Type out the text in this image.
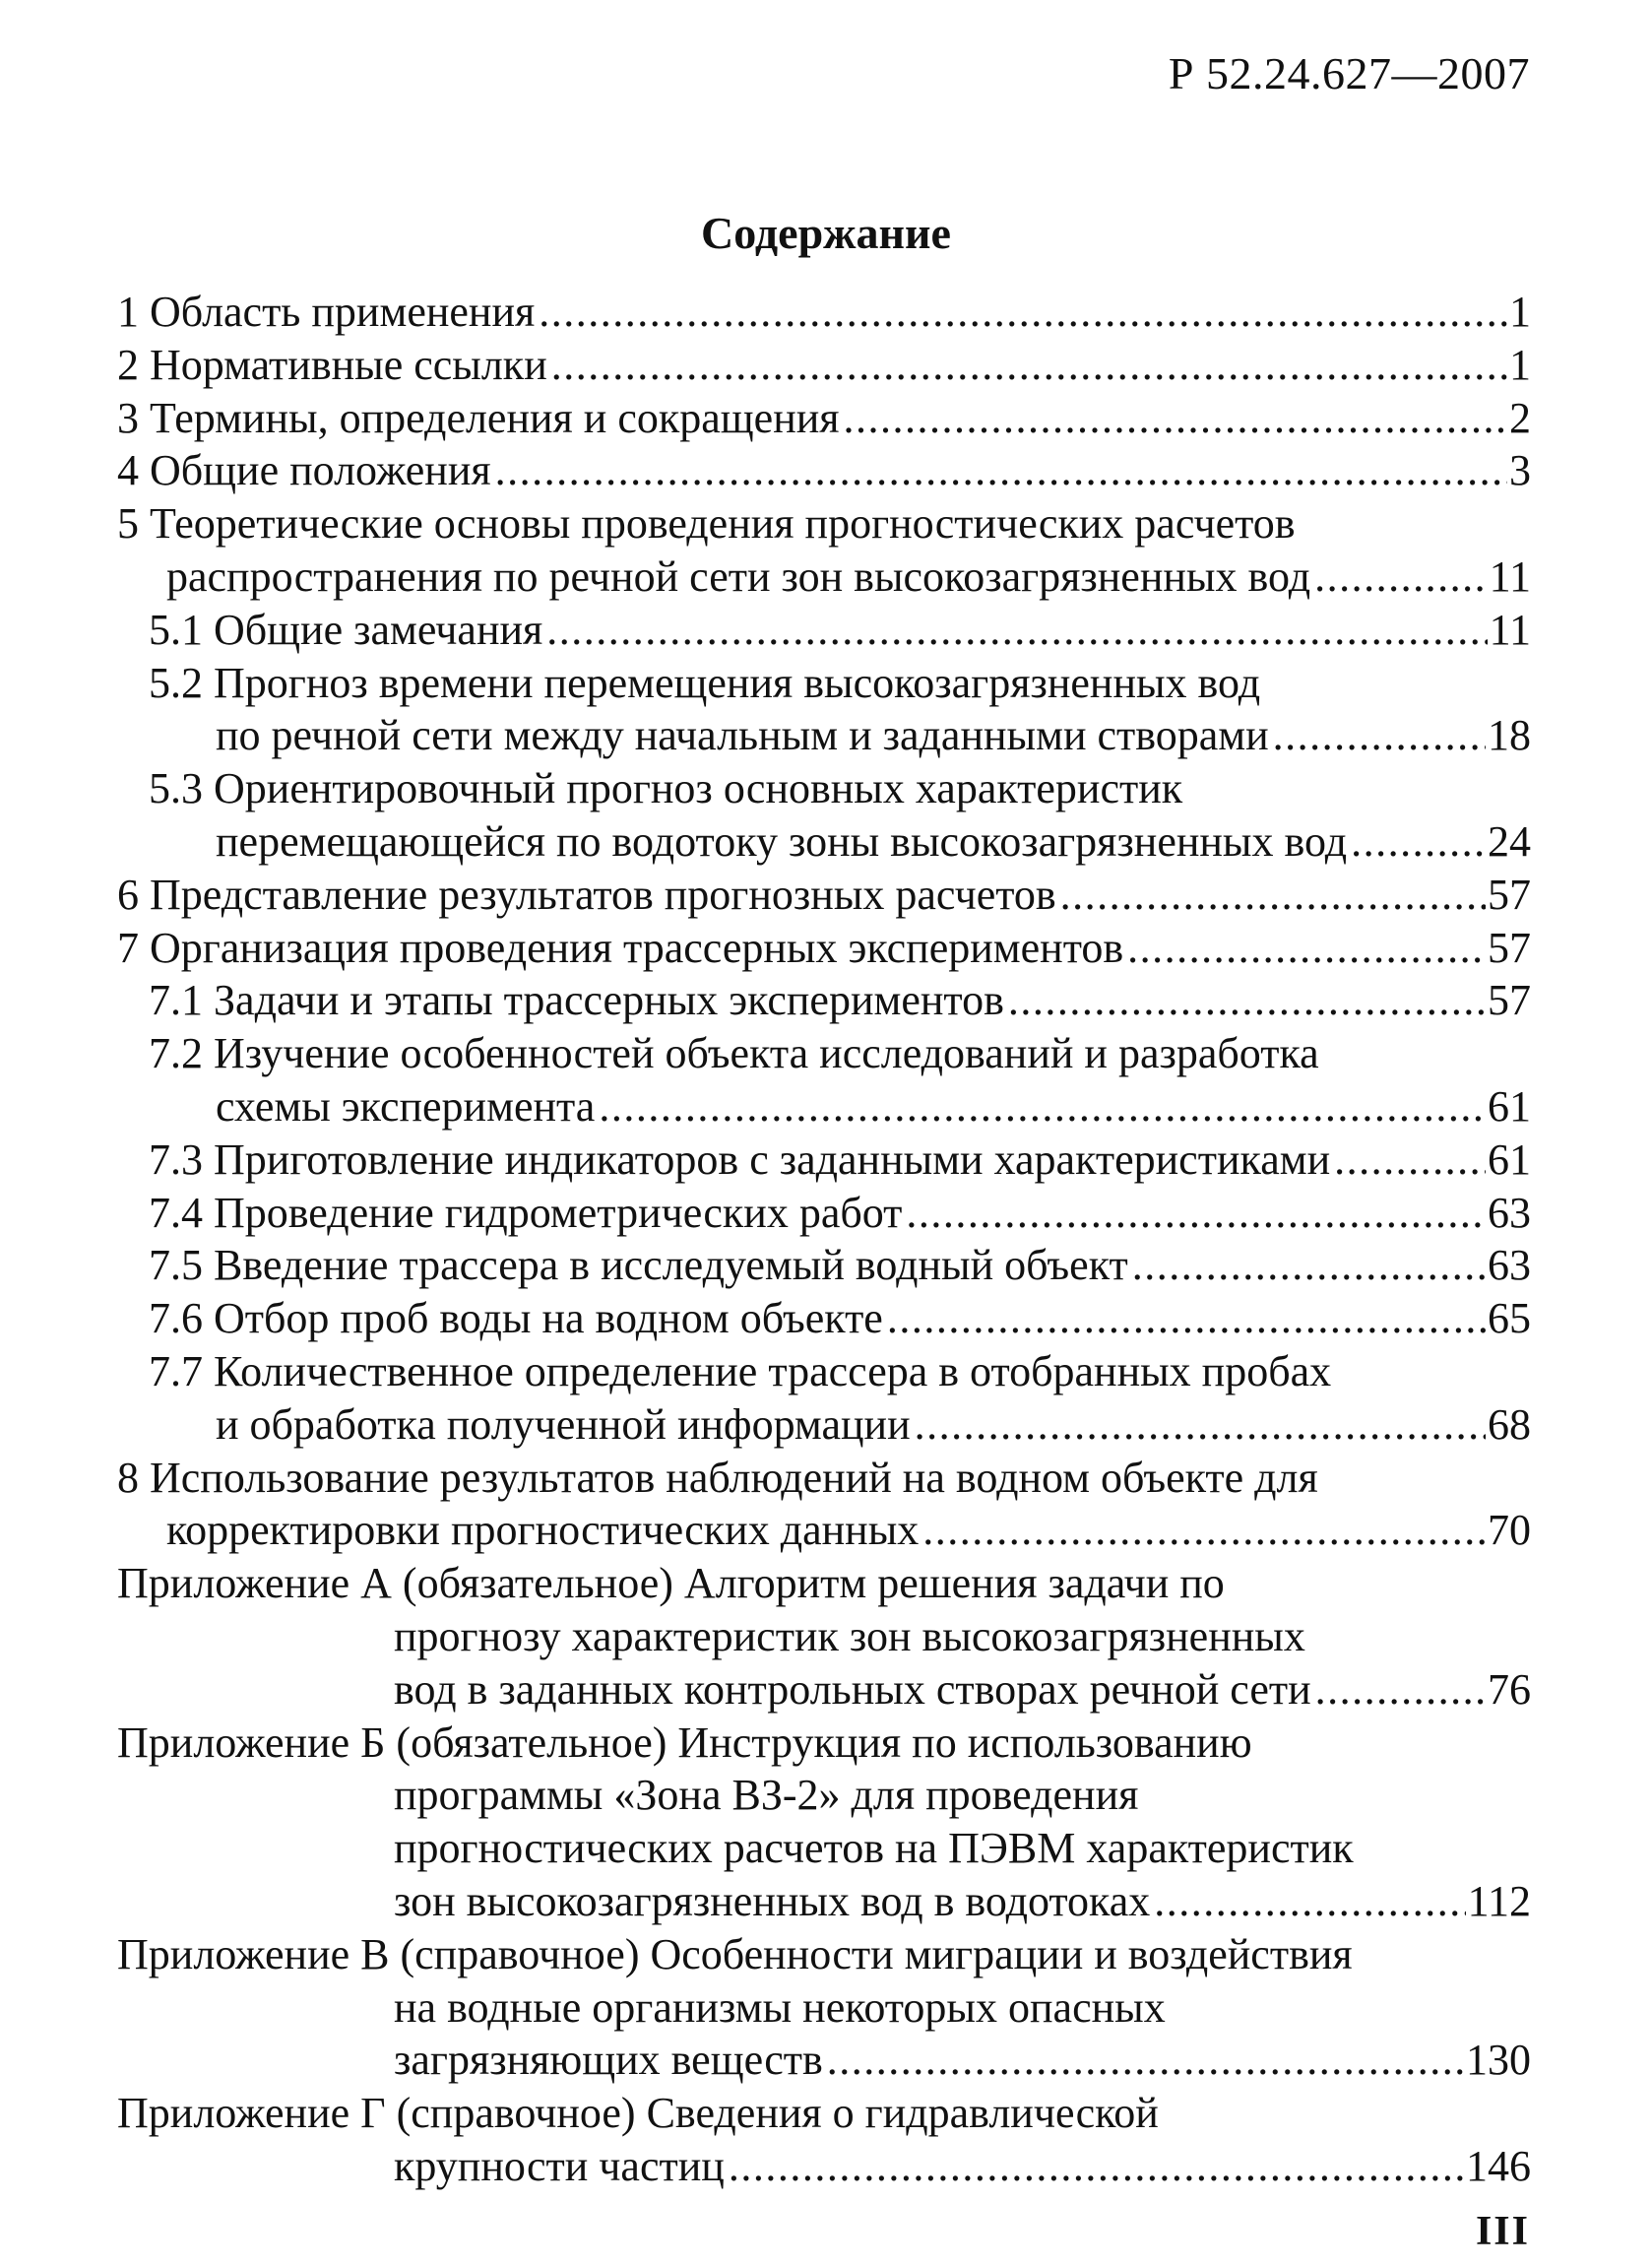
Р 52.24.627—2007
Содержание
1 Область применения .....	1
2 Нормативные ссылки .....	1
3 Термины, определения и сокращения .....	2
4 Общие положения .....	3
5 Теоретические основы проведения прогностических расчетов
распространения по речной сети зон высокозагрязненных вод .....	11
5.1 Общие замечания .....	11
5.2 Прогноз времени перемещения высокозагрязненных вод
по речной сети между начальным и заданными створами .....	18
5.3 Ориентировочный прогноз основных характеристик
перемещающейся по водотоку зоны высокозагрязненных вод .....	24
6 Представление результатов прогнозных расчетов .....	57
7 Организация проведения трассерных экспериментов .....	57
7.1 Задачи и этапы трассерных экспериментов .....	57
7.2 Изучение особенностей объекта исследований и разработка
схемы эксперимента .....	61
7.3 Приготовление индикаторов с заданными характеристиками .....	61
7.4 Проведение гидрометрических работ .....	63
7.5 Введение трассера в исследуемый водный объект .....	63
7.6 Отбор проб воды на водном объекте .....	65
7.7 Количественное определение трассера в отобранных пробах
и обработка полученной информации .....	68
8 Использование результатов наблюдений на водном объекте для
корректировки прогностических данных .....	70
Приложение А (обязательное) Алгоритм решения задачи по
прогнозу характеристик зон высокозагрязненных
вод в заданных контрольных створах речной сети .....	76
Приложение Б (обязательное) Инструкция по использованию
программы «Зона ВЗ-2» для проведения
прогностических расчетов на ПЭВМ характеристик
зон высокозагрязненных вод в водотоках .....	112
Приложение В (справочное) Особенности миграции и воздействия
на водные организмы некоторых опасных
загрязняющих веществ .....	130
Приложение Г (справочное) Сведения о гидравлической
крупности частиц .....	146
III
